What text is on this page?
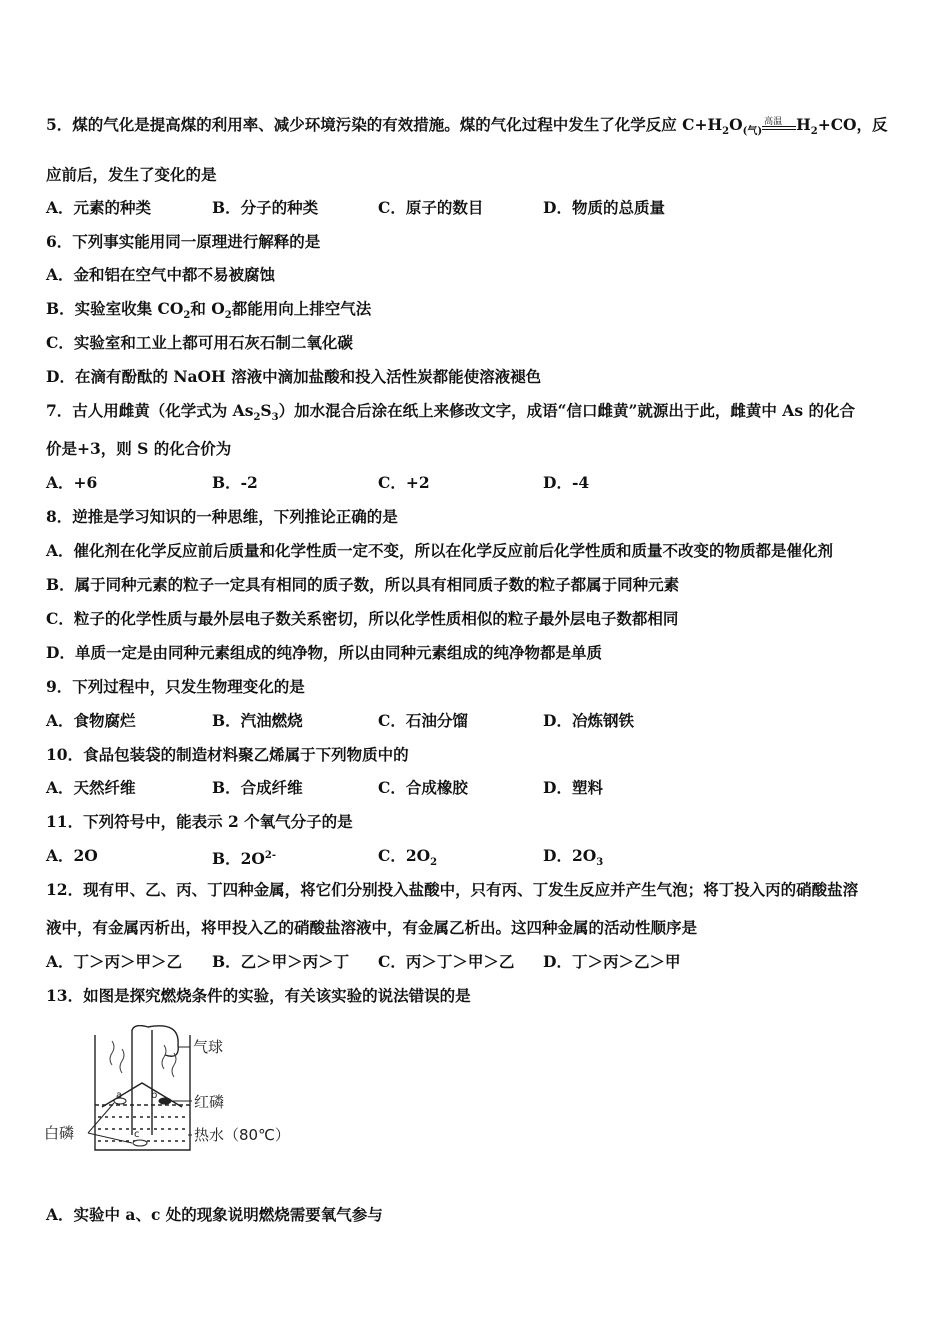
5．煤的气化是提高煤的利用率、减少环境污染的有效措施。煤的气化过程中发生了化学反应 $C+H_2O_{(气)}$
高温 $H_2+CO$，反
应前后，发生了变化的是
A．元素的种类	B．分子的种类	C．原子的数目	D．物质的总质量
6．下列事实能用同一原理进行解释的是
A．金和铝在空气中都不易被腐蚀
B．实验室收集 $CO_2$和 $O_2$都能用向上排空气法
C．实验室和工业上都可用石灰石制二氧化碳
D．在滴有酚酞的 NaOH 溶液中滴加盐酸和投入活性炭都能使溶液褪色
7．古人用雌黄（化学式为 $As_2S_3$）加水混合后涂在纸上来修改文字，成语“信口雌黄”就源出于此，雌黄中 As 的化合
价是+3，则 S 的化合价为
A．+6	B．-2	C．+2	D．-4
8．逆推是学习知识的一种思维，下列推论正确的是
A．催化剂在化学反应前后质量和化学性质一定不变，所以在化学反应前后化学性质和质量不改变的物质都是催化剂
B．属于同种元素的粒子一定具有相同的质子数，所以具有相同质子数的粒子都属于同种元素
C．粒子的化学性质与最外层电子数关系密切，所以化学性质相似的粒子最外层电子数都相同
D．单质一定是由同种元素组成的纯净物，所以由同种元素组成的纯净物都是单质
9．下列过程中，只发生物理变化的是
A．食物腐烂	B．汽油燃烧	C．石油分馏	D．冶炼钢铁
10．食品包装袋的制造材料聚乙烯属于下列物质中的
A．天然纤维	B．合成纤维	C．合成橡胶	D．塑料
11．下列符号中，能表示 2 个氧气分子的是
A．2O	B．$2O^{2-}$	C．$2O_2$	D．$2O_3$
12．现有甲、乙、丙、丁四种金属，将它们分别投入盐酸中，只有丙、丁发生反应并产生气泡；将丁投入丙的硝酸盐溶
液中，有金属丙析出，将甲投入乙的硝酸盐溶液中，有金属乙析出。这四种金属的活动性顺序是
A．丁＞丙＞甲＞乙 B．乙＞甲＞丙＞丁 C．丙＞丁＞甲＞乙 D．丁＞丙＞乙＞甲
13．如图是探究燃烧条件的实验，有关该实验的说法错误的是
a	b
c
气球
红磷
白磷	热水（80℃）
A．实验中 a、c 处的现象说明燃烧需要氧气参与
